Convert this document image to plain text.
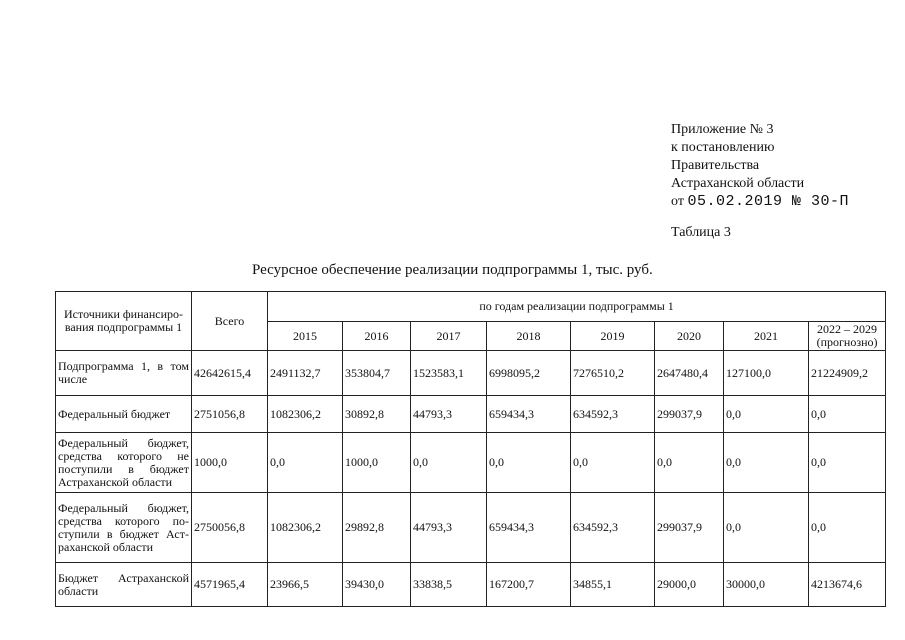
Приложение № 3
к постановлению
Правительства
Астраханской области
от 05.02.2019 № 30-П
Таблица 3
Ресурсное обеспечение реализации подпрограммы 1, тыс. руб.
Источники финансиро-вания подпрограммы 1	Всего	по годам реализации подпрограммы 1							
		2015	2016	2017	2018	2019	2020	2021	2022 – 2029
(прогнозно)

Подпрограмма 1, в том числе	42642615,4	2491132,7	353804,7	1523583,1	6998095,2	7276510,2	2647480,4	127100,0	21224909,2
Федеральный бюджет	2751056,8	1082306,2	30892,8	44793,3	659434,3	634592,3	299037,9	0,0	0,0
Федеральный бюджет, средства которого не поступили в бюджет Астраханской области	1000,0	0,0	1000,0	0,0	0,0	0,0	0,0	0,0	0,0
Федеральный бюджет, средства которого по-ступили в бюджет Аст-раханской области	2750056,8	1082306,2	29892,8	44793,3	659434,3	634592,3	299037,9	0,0	0,0
Бюджет Астраханской области	4571965,4	23966,5	39430,0	33838,5	167200,7	34855,1	29000,0	30000,0	4213674,6
